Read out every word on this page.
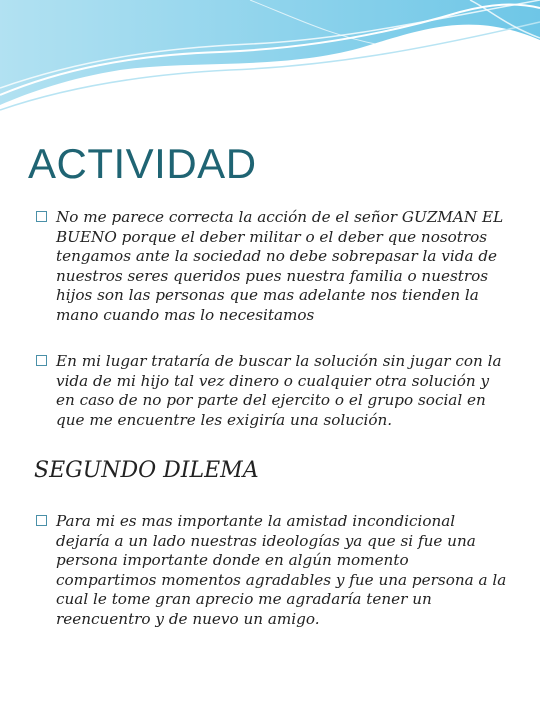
ACTIVIDAD
No me parece correcta la acción de el señor GUZMAN EL BUENO porque el deber militar o el deber que nosotros tengamos ante la sociedad no debe sobrepasar la vida de nuestros seres queridos pues nuestra familia o nuestros hijos son las personas que mas adelante nos tienden la mano cuando mas lo necesitamos
En mi lugar trataría de buscar la solución sin jugar con la vida de mi hijo tal vez dinero o cualquier otra solución y en caso de no por parte del ejercito o el grupo social en que me encuentre les exigiría una solución.
SEGUNDO DILEMA
Para mi es mas importante la amistad incondicional dejaría a un lado nuestras ideologías ya que si fue una persona importante donde en algún momento compartimos momentos agradables y fue una persona a la cual le tome gran aprecio me agradaría tener un reencuentro y de nuevo un amigo.
